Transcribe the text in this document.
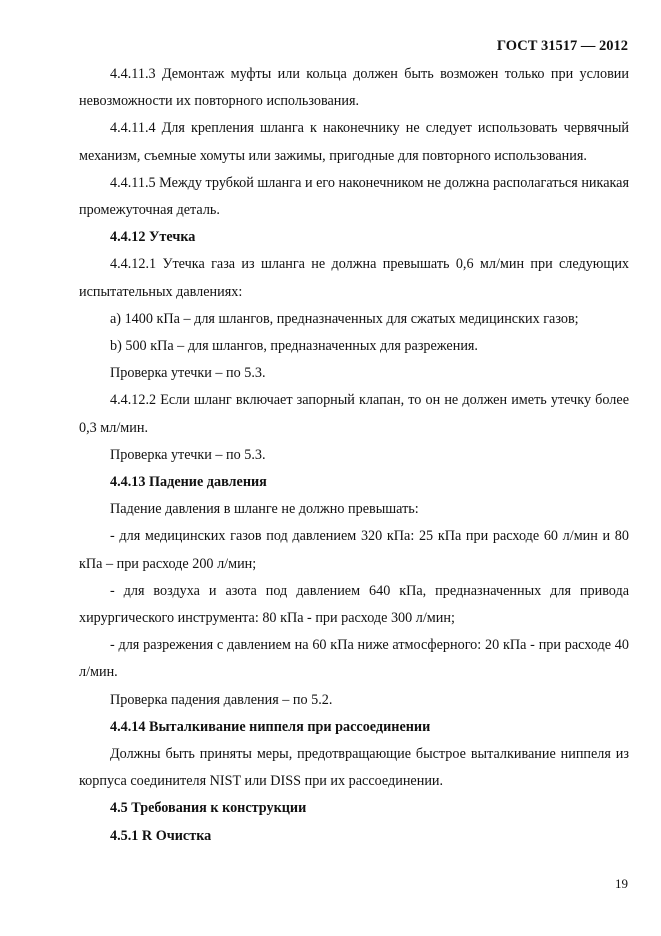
ГОСТ 31517 — 2012

4.4.11.3 Демонтаж муфты или кольца должен быть возможен только при условии невозможности их повторного использования.

4.4.11.4 Для крепления шланга к наконечнику не следует использовать червячный механизм, съемные хомуты или зажимы, пригодные для повторного использования.

4.4.11.5 Между трубкой шланга и его наконечником не должна располагаться никакая промежуточная деталь.

4.4.12 Утечка

4.4.12.1 Утечка газа из шланга не должна превышать 0,6 мл/мин при следующих испытательных давлениях:

a) 1400 кПа – для шлангов, предназначенных для сжатых медицинских газов;

b) 500 кПа – для шлангов, предназначенных для разрежения.

Проверка утечки – по 5.3.

4.4.12.2 Если шланг включает запорный клапан, то он не должен иметь утечку более 0,3 мл/мин.

Проверка утечки – по 5.3.

4.4.13 Падение давления

Падение давления в шланге не должно превышать:

- для медицинских газов под давлением 320 кПа: 25 кПа при расходе 60 л/мин и 80 кПа – при расходе 200 л/мин;

- для воздуха и азота под давлением 640 кПа, предназначенных для привода хирургического инструмента: 80 кПа - при расходе 300 л/мин;

- для разрежения с давлением на 60 кПа ниже атмосферного: 20 кПа - при расходе 40 л/мин.

Проверка падения давления – по 5.2.

4.4.14 Выталкивание ниппеля при рассоединении

Должны быть приняты меры, предотвращающие быстрое выталкивание ниппеля из корпуса соединителя NIST или DISS при их рассоединении.

4.5 Требования к конструкции

4.5.1 R Очистка

19
